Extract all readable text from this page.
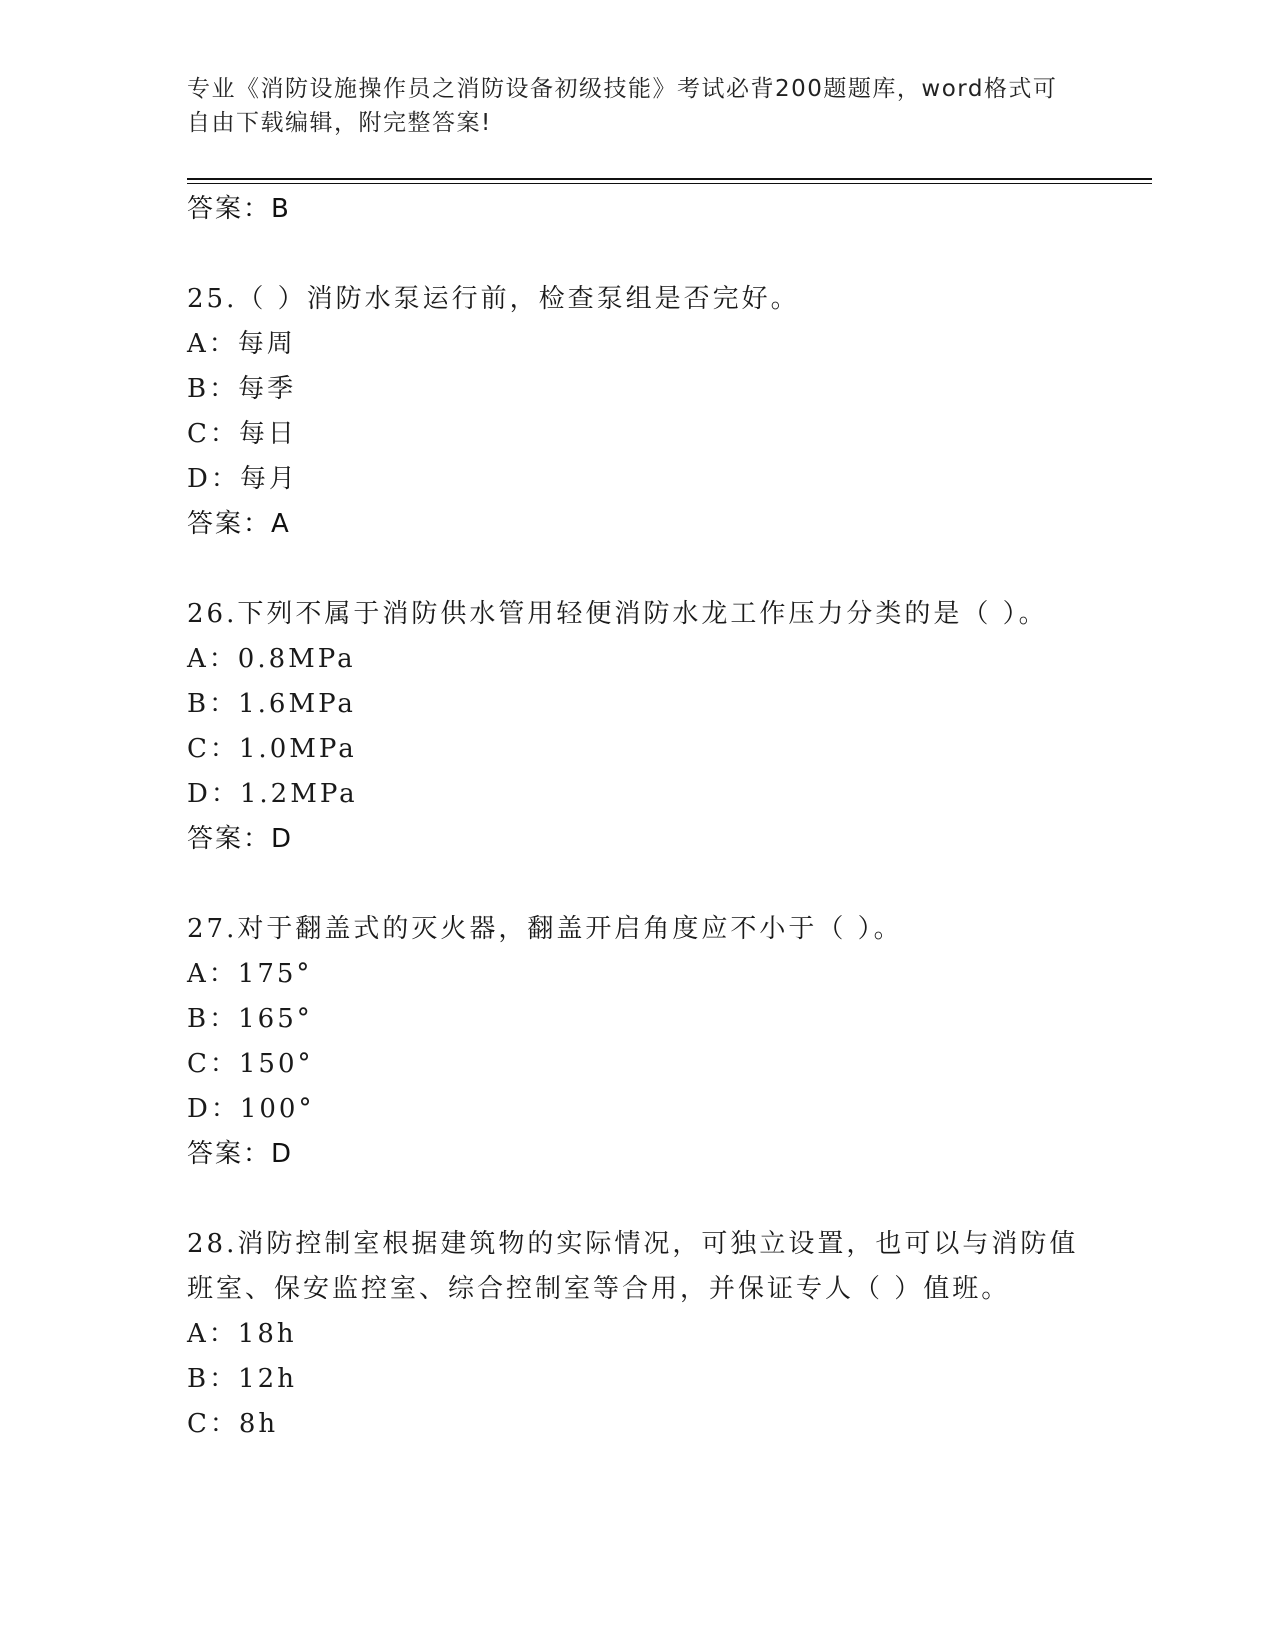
专业《消防设施操作员之消防设备初级技能》考试必背200题题库，word格式可
自由下载编辑，附完整答案!
答案：B
25.（ ）消防水泵运行前，检查泵组是否完好。
A：每周
B：每季
C：每日
D：每月
答案：A
26.下列不属于消防供水管用轻便消防水龙工作压力分类的是（ ）。
A：0.8MPa
B：1.6MPa
C：1.0MPa
D：1.2MPa
答案：D
27.对于翻盖式的灭火器，翻盖开启角度应不小于（ ）。
A：175°
B：165°
C：150°
D：100°
答案：D
28.消防控制室根据建筑物的实际情况，可独立设置，也可以与消防值
班室、保安监控室、综合控制室等合用，并保证专人（ ）值班。
A：18h
B：12h
C：8h
